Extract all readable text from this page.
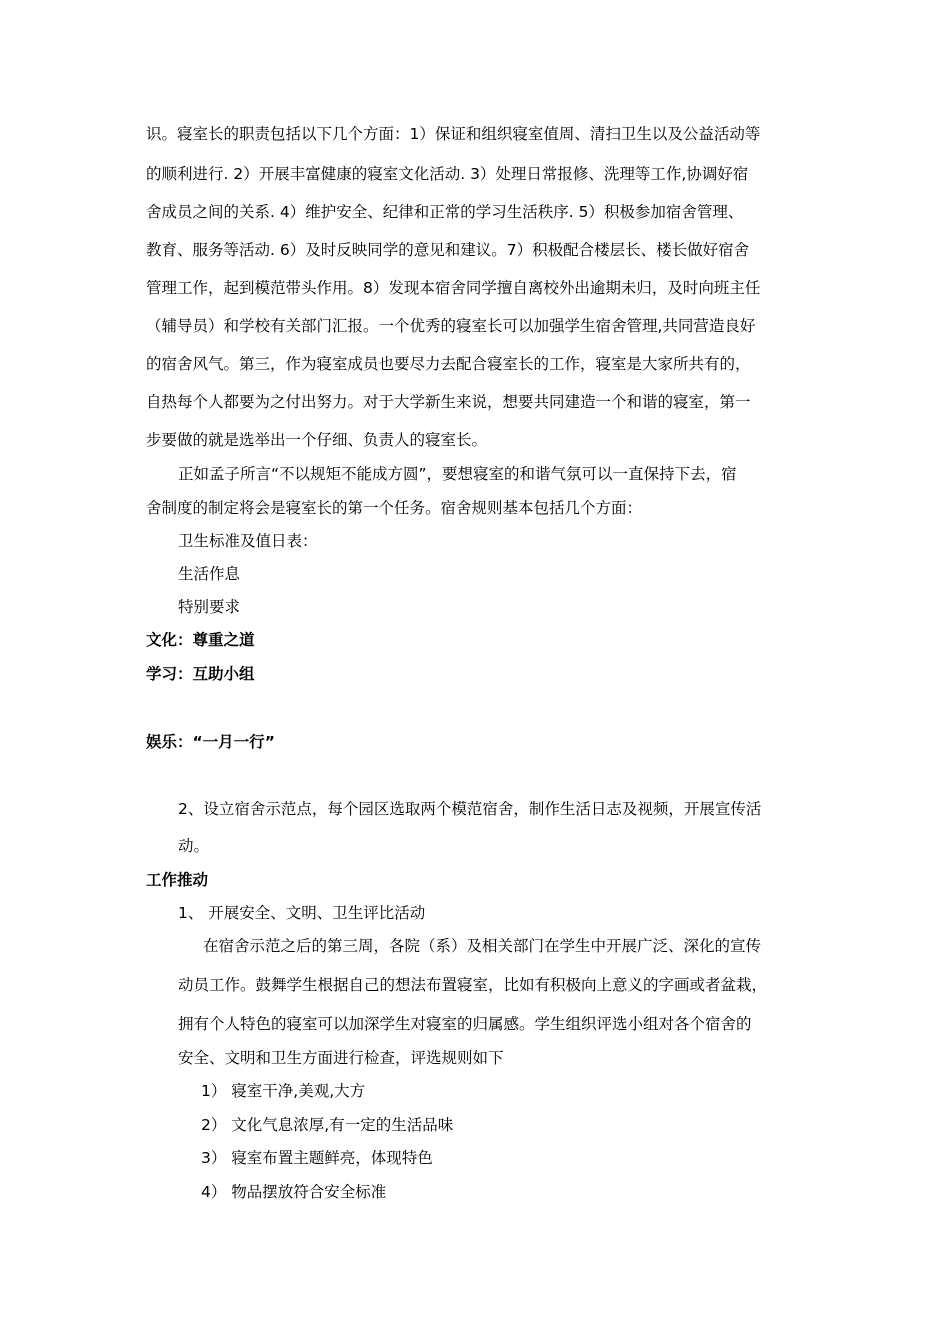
识。寝室长的职责包括以下几个方面：1）保证和组织寝室值周、清扫卫生以及公益活动等
的顺利进行. 2）开展丰富健康的寝室文化活动. 3）处理日常报修、洗理等工作,协调好宿
舍成员之间的关系. 4）维护安全、纪律和正常的学习生活秩序. 5）积极参加宿舍管理、
教育、服务等活动. 6）及时反映同学的意见和建议。7）积极配合楼层长、楼长做好宿舍
管理工作，起到模范带头作用。8）发现本宿舍同学擅自离校外出逾期未归，及时向班主任
（辅导员）和学校有关部门汇报。一个优秀的寝室长可以加强学生宿舍管理,共同营造良好
的宿舍风气。第三，作为寝室成员也要尽力去配合寝室长的工作，寝室是大家所共有的，
自热每个人都要为之付出努力。对于大学新生来说，想要共同建造一个和谐的寝室，第一
步要做的就是选举出一个仔细、负责人的寝室长。
正如孟子所言“不以规矩不能成方圆”，要想寝室的和谐气氛可以一直保持下去，宿
舍制度的制定将会是寝室长的第一个任务。宿舍规则基本包括几个方面：
卫生标准及值日表：
生活作息
特别要求
文化：尊重之道
学习：互助小组
娱乐：“一月一行”
2、设立宿舍示范点，每个园区选取两个模范宿舍，制作生活日志及视频，开展宣传活
动。
工作推动
1、 开展安全、文明、卫生评比活动
在宿舍示范之后的第三周，各院（系）及相关部门在学生中开展广泛、深化的宣传
动员工作。鼓舞学生根据自己的想法布置寝室，比如有积极向上意义的字画或者盆栽，
拥有个人特色的寝室可以加深学生对寝室的归属感。学生组织评选小组对各个宿舍的
安全、文明和卫生方面进行检查，评选规则如下
1） 寝室干净,美观,大方
2） 文化气息浓厚,有一定的生活品味
3） 寝室布置主题鲜亮，体现特色
4） 物品摆放符合安全标准
